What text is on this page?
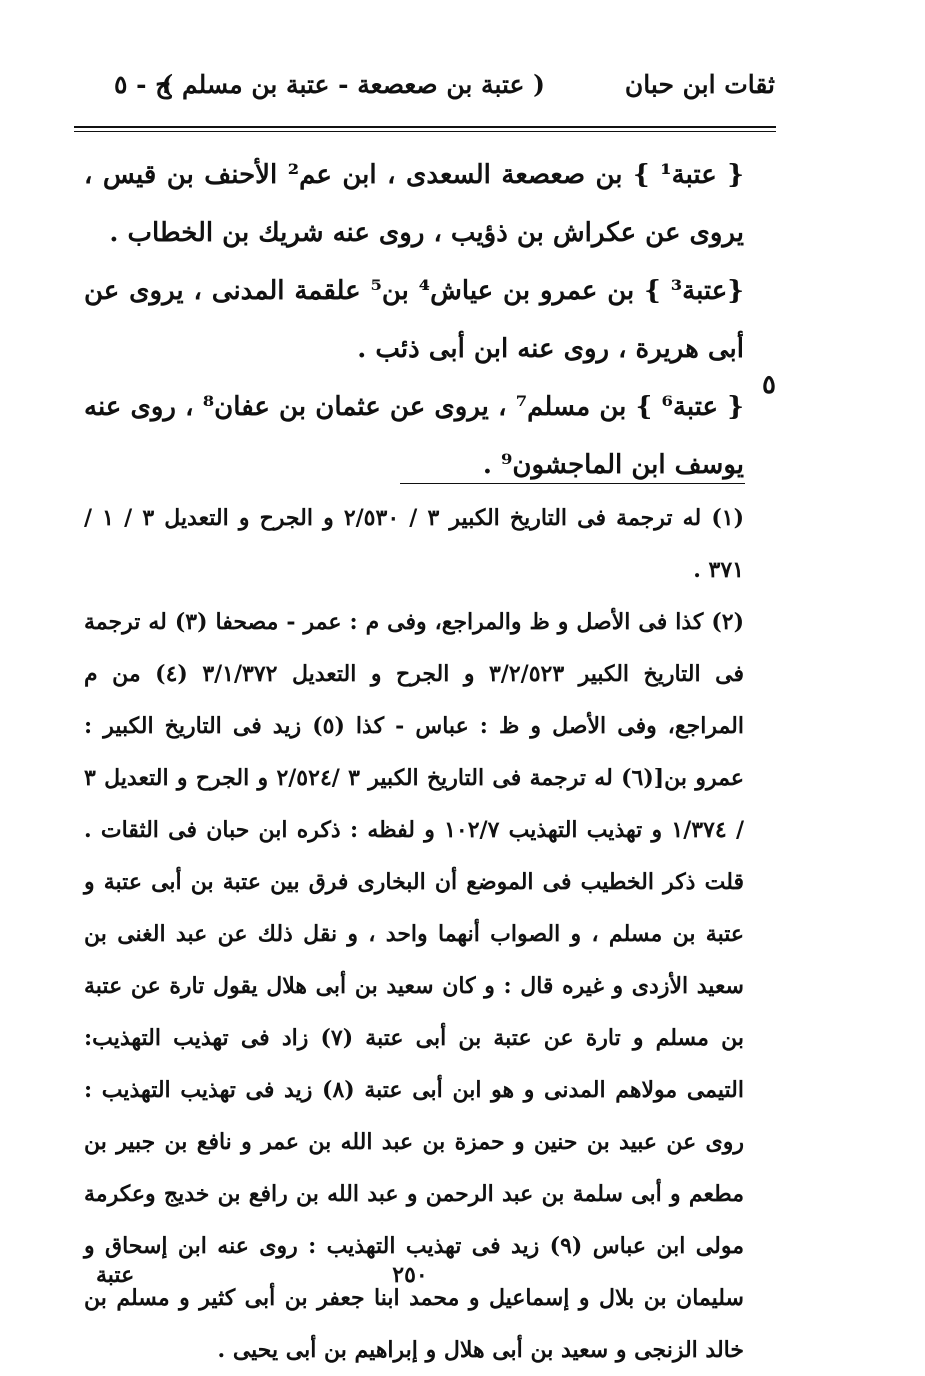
ثقات ابن حبان
( عتبة بن صعصعة - عتبة بن مسلم )
ج - ٥

{ عتبة¹ } بن صعصعة السعدى ، ابن عم² الأحنف بن قيس ، يروى عن عكراش بن ذؤيب ، روى عنه شريك بن الخطاب .

{عتبة³ } بن عمرو بن عياش⁴ بن⁵ علقمة المدنى ، يروى عن أبى هريرة ، روى عنه ابن أبى ذئب .

{ عتبة⁶ } بن مسلم⁷ ، يروى عن عثمان بن عفان⁸ ، روى عنه يوسف ابن الماجشون⁹ .

٥

(١) له ترجمة فى التاريخ الكبير ٣ / ٢/٥٣٠ و الجرح و التعديل ٣ / ١ / ٣٧١ .

(٢) كذا فى الأصل و ظ والمراجع، وفى م : عمر - مصحفا (٣) له ترجمة فى التاريخ الكبير ٣/٢/٥٢٣ و الجرح و التعديل ٣/١/٣٧٢ (٤) من م المراجع، وفى الأصل و ظ : عباس - كذا (٥) زيد فى التاريخ الكبير : عمرو بن[(٦) له ترجمة فى التاريخ الكبير ٣ /٢/٥٢٤ و الجرح و التعديل ٣ / ١/٣٧٤ و تهذيب التهذيب ١٠٢/٧ و لفظه : ذكره ابن حبان فى الثقات . قلت ذكر الخطيب فى الموضع أن البخارى فرق بين عتبة بن أبى عتبة و عتبة بن مسلم ، و الصواب أنهما واحد ، و نقل ذلك عن عبد الغنى بن سعيد الأزدى و غيره قال : و كان سعيد بن أبى هلال يقول تارة عن عتبة بن مسلم و تارة عن عتبة بن أبى عتبة (٧) زاد فى تهذيب التهذيب: التيمى مولاهم المدنى و هو ابن أبى عتبة (٨) زيد فى تهذيب التهذيب : روى عن عبيد بن حنين و حمزة بن عبد الله بن عمر و نافع بن جبير بن مطعم و أبى سلمة بن عبد الرحمن و عبد الله بن رافع بن خديج وعكرمة مولى ابن عباس (٩) زيد فى تهذيب التهذيب : روى عنه ابن إسحاق و سليمان بن بلال و إسماعيل و محمد ابنا جعفر بن أبى كثير و مسلم بن خالد الزنجى و سعيد بن أبى هلال و إبراهيم بن أبى يحيى .

٢٥٠
عتبة
